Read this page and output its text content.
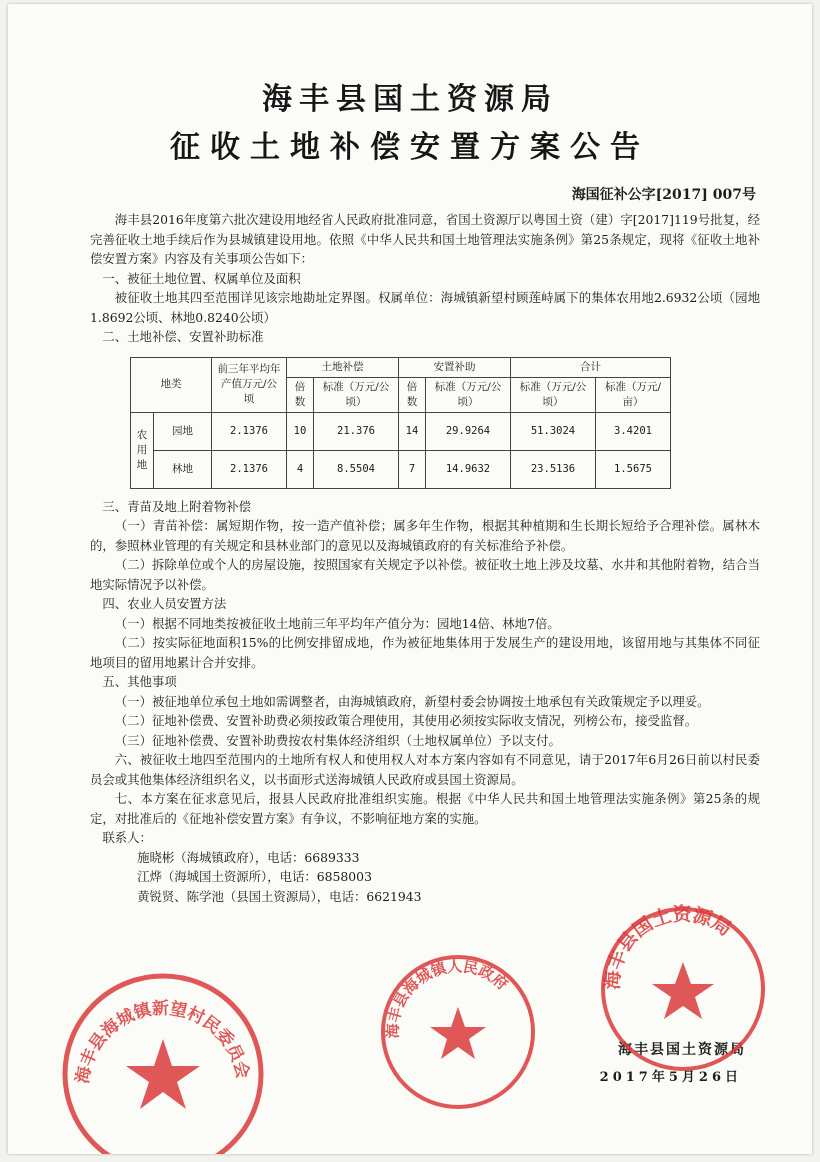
海丰县国土资源局
征收土地补偿安置方案公告
海国征补公字[2017] 007号

海丰县2016年度第六批次建设用地经省人民政府批准同意，省国土资源厅以粤国土资（建）字[2017]119号批复，经完善征收土地手续后作为县城镇建设用地。依照《中华人民共和国土地管理法实施条例》第25条规定，现将《征收土地补偿安置方案》内容及有关事项公告如下：

一、被征土地位置、权属单位及面积

被征收土地其四至范围详见该宗地勘址定界图。权属单位：海城镇新望村顾莲峙属下的集体农用地2.6932公顷（园地1.8692公顷、林地0.8240公顷）

二、土地补偿、安置补助标准

地类		前三年平均年产值万元/公顷	土地补偿		安置补助		合计	
			倍数	标准（万元/公顷）	倍数	标准（万元/公顷）	标准（万元/公顷）	标准（万元/亩）
农用地	园地	2.1376	10	21.376	14	29.9264	51.3024	3.4201
	林地	2.1376	4	8.5504	7	14.9632	23.5136	1.5675

三、青苗及地上附着物补偿

（一）青苗补偿：属短期作物，按一造产值补偿；属多年生作物，根据其种植期和生长期长短给予合理补偿。属林木的，参照林业管理的有关规定和县林业部门的意见以及海城镇政府的有关标准给予补偿。

（二）拆除单位或个人的房屋设施，按照国家有关规定予以补偿。被征收土地上涉及坟墓、水井和其他附着物，结合当地实际情况予以补偿。

四、农业人员安置方法

（一）根据不同地类按被征收土地前三年平均年产值分为：园地14倍、林地7倍。

（二）按实际征地面积15%的比例安排留成地，作为被征地集体用于发展生产的建设用地，该留用地与其集体不同征地项目的留用地累计合并安排。

五、其他事项

（一）被征地单位承包土地如需调整者，由海城镇政府，新望村委会协调按土地承包有关政策规定予以理妥。

（二）征地补偿费、安置补助费必须按政策合理使用，其使用必须按实际收支情况，列榜公布，接受监督。

（三）征地补偿费、安置补助费按农村集体经济组织（土地权属单位）予以支付。

六、被征收土地四至范围内的土地所有权人和使用权人对本方案内容如有不同意见，请于2017年6月26日前以村民委员会或其他集体经济组织名义，以书面形式送海城镇人民政府或县国土资源局。

七、本方案在征求意见后，报县人民政府批准组织实施。根据《中华人民共和国土地管理法实施条例》第25条的规定，对批准后的《征地补偿安置方案》有争议，不影响征地方案的实施。

联系人：

施晓彬（海城镇政府），电话：6689333

江烨（海城国土资源所），电话：6858003

黄锐贤、陈学池（县国土资源局），电话：6621943

海丰县国土资源局
2017年5月26日
海丰县海城镇新望村民委员会
海丰县海城镇人民政府	海丰县国土资源局
